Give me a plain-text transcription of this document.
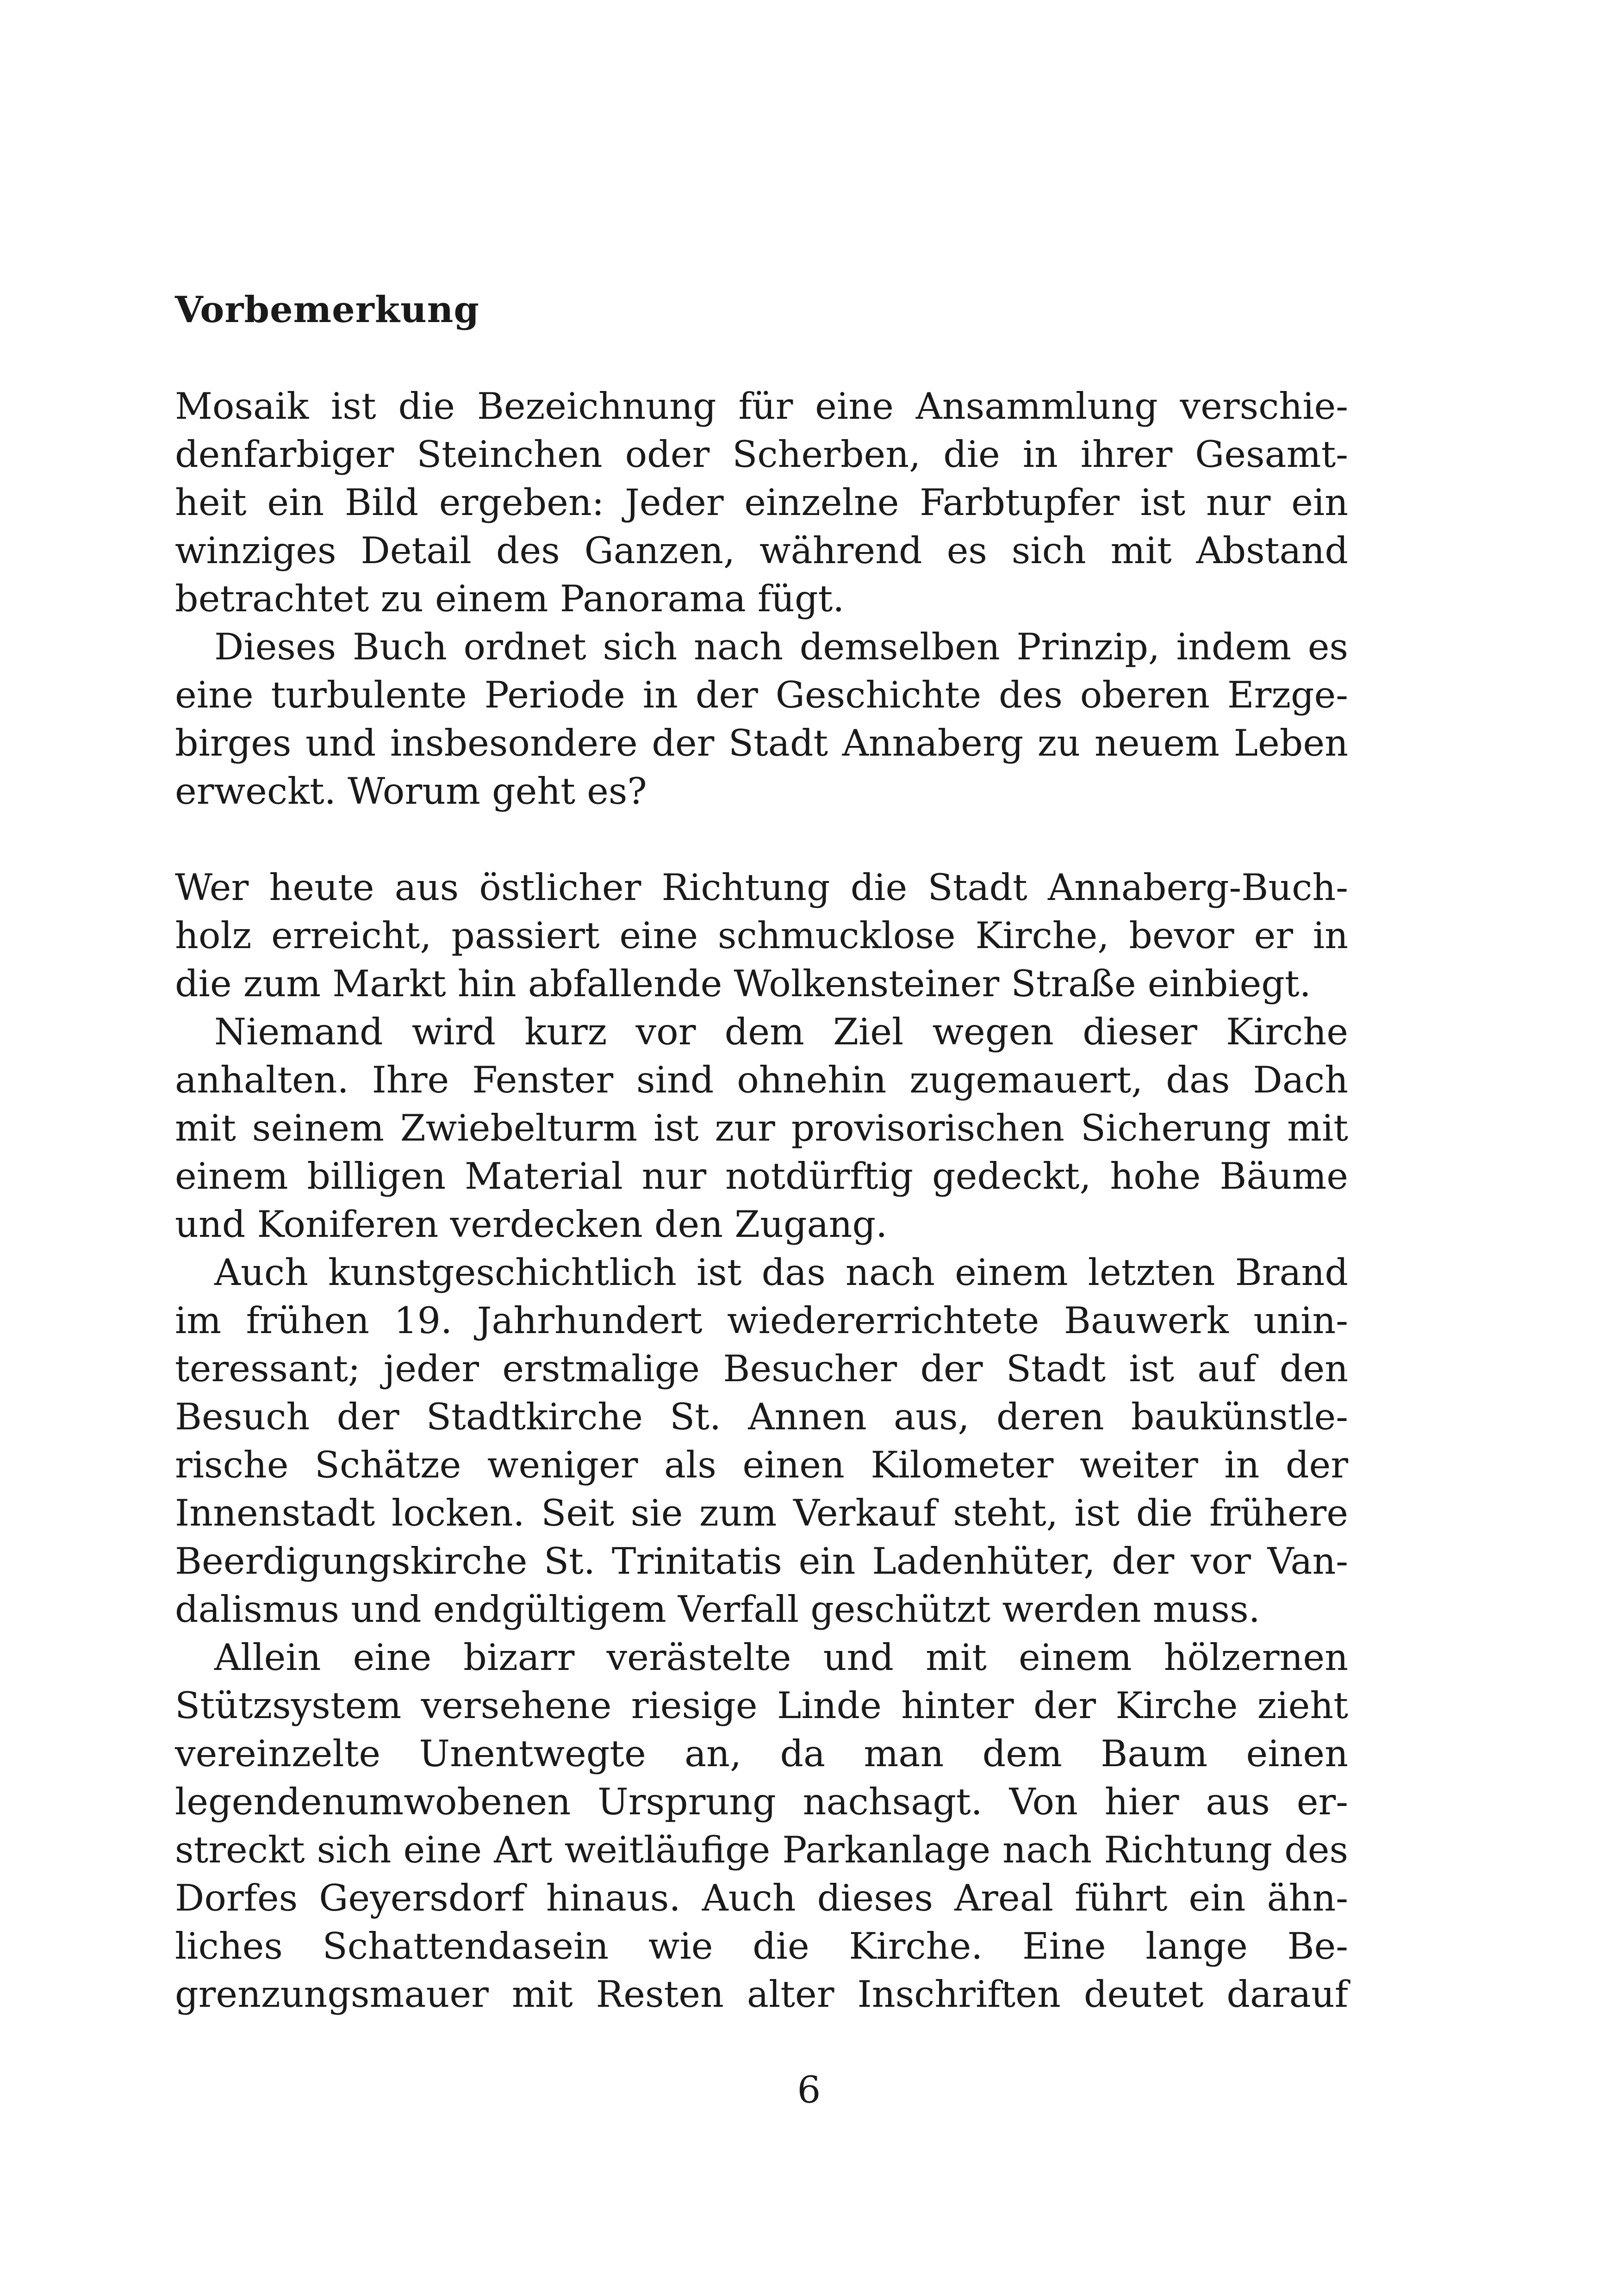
Vorbemerkung
Mosaik ist die Bezeichnung für eine Ansammlung verschie-
denfarbiger Steinchen oder Scherben, die in ihrer Gesamt-
heit ein Bild ergeben: Jeder einzelne Farbtupfer ist nur ein
winziges Detail des Ganzen, während es sich mit Abstand
betrachtet zu einem Panorama fügt.
Dieses Buch ordnet sich nach demselben Prinzip, indem es
eine turbulente Periode in der Geschichte des oberen Erzge-
birges und insbesondere der Stadt Annaberg zu neuem Leben
erweckt. Worum geht es?
Wer heute aus östlicher Richtung die Stadt Annaberg-Buch-
holz erreicht, passiert eine schmucklose Kirche, bevor er in
die zum Markt hin abfallende Wolkensteiner Straße einbiegt.
Niemand wird kurz vor dem Ziel wegen dieser Kirche
anhalten. Ihre Fenster sind ohnehin zugemauert, das Dach
mit seinem Zwiebelturm ist zur provisorischen Sicherung mit
einem billigen Material nur notdürftig gedeckt, hohe Bäume
und Koniferen verdecken den Zugang.
Auch kunstgeschichtlich ist das nach einem letzten Brand
im frühen 19. Jahrhundert wiedererrichtete Bauwerk unin-
teressant; jeder erstmalige Besucher der Stadt ist auf den
Besuch der Stadtkirche St. Annen aus, deren baukünstle-
rische Schätze weniger als einen Kilometer weiter in der
Innenstadt locken. Seit sie zum Verkauf steht, ist die frühere
Beerdigungskirche St. Trinitatis ein Ladenhüter, der vor Van-
dalismus und endgültigem Verfall geschützt werden muss.
Allein eine bizarr verästelte und mit einem hölzernen
Stützsystem versehene riesige Linde hinter der Kirche zieht
vereinzelte Unentwegte an, da man dem Baum einen
legendenumwobenen Ursprung nachsagt. Von hier aus er-
streckt sich eine Art weitläufige Parkanlage nach Richtung des
Dorfes Geyersdorf hinaus. Auch dieses Areal führt ein ähn-
liches Schattendasein wie die Kirche. Eine lange Be-
grenzungsmauer mit Resten alter Inschriften deutet darauf
6
